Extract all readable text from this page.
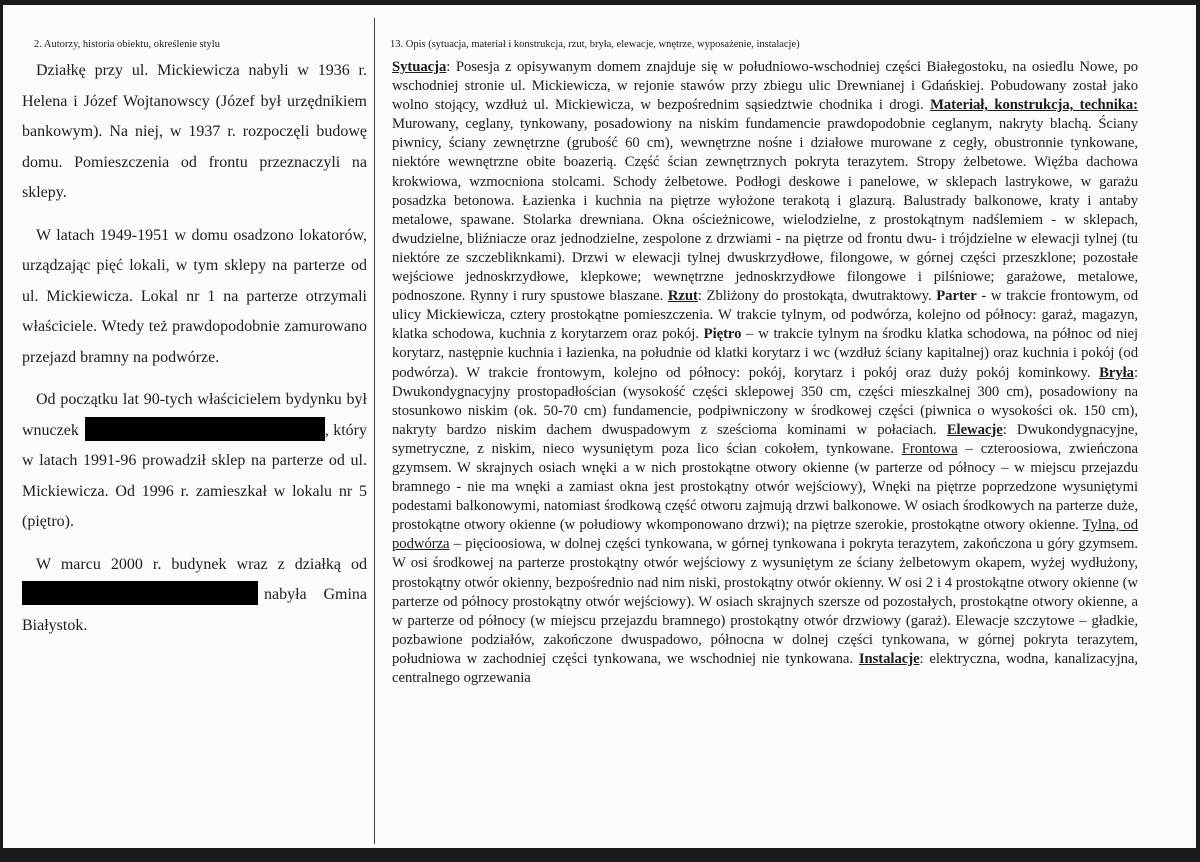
2. Autorzy, historia obiektu, określenie stylu

Działkę przy ul. Mickiewicza nabyli w 1936 r. Helena i Józef Wojtanowscy (Józef był urzędnikiem bankowym). Na niej, w 1937 r. rozpoczęli budowę domu. Pomieszczenia od frontu przeznaczyli na sklepy.

W latach 1949-1951 w domu osadzono lokatorów, urządzając pięć lokali, w tym sklepy na parterze od ul. Mickiewicza. Lokal nr 1 na parterze otrzymali właściciele. Wtedy też prawdopodobnie zamurowano przejazd bramny na podwórze.

Od początku lat 90-tych właścicielem bydynku był wnuczek	, który w latach 1991-96 prowadził sklep na parterze od ul. Mickiewicza. Od 1996 r. zamieszkał w lokalu nr 5 (piętro).

W marcu 2000 r. budynek wraz z działką od nabyła Gmina Białystok.

13. Opis (sytuacja, materiał i konstrukcja, rzut, bryła, elewacje, wnętrze, wyposażenie, instalacje)
Sytuacja: Posesja z opisywanym domem znajduje się w południowo-wschodniej części Białegostoku, na osiedlu Nowe, po wschodniej stronie ul. Mickiewicza, w rejonie stawów przy zbiegu ulic Drewnianej i Gdańskiej. Pobudowany został jako wolno stojący, wzdłuż ul. Mickiewicza, w bezpośrednim sąsiedztwie chodnika i drogi. Materiał, konstrukcja, technika: Murowany, ceglany, tynkowany, posadowiony na niskim fundamencie prawdopodobnie ceglanym, nakryty blachą. Ściany piwnicy, ściany zewnętrzne (grubość 60 cm), wewnętrzne nośne i działowe murowane z cegły, obustronnie tynkowane, niektóre wewnętrzne obite boazerią. Część ścian zewnętrznych pokryta terazytem. Stropy żelbetowe. Więźba dachowa krokwiowa, wzmocniona stolcami. Schody żelbetowe. Podłogi deskowe i panelowe, w sklepach lastrykowe, w garażu posadzka betonowa. Łazienka i kuchnia na piętrze wyłożone terakotą i glazurą. Balustrady balkonowe, kraty i antaby metalowe, spawane. Stolarka drewniana. Okna ościeżnicowe, wielodzielne, z prostokątnym nadślemiem - w sklepach, dwudzielne, bliźniacze oraz jednodzielne, zespolone z drzwiami - na piętrze od frontu dwu- i trójdzielne w elewacji tylnej (tu niektóre ze szczebliknkami). Drzwi w elewacji tylnej dwuskrzydłowe, filongowe, w górnej części przeszklone; pozostałe wejściowe jednoskrzydłowe, klepkowe; wewnętrzne jednoskrzydłowe filongowe i pilśniowe; garażowe, metalowe, podnoszone. Rynny i rury spustowe blaszane. Rzut: Zbliżony do prostokąta, dwutraktowy. Parter - w trakcie frontowym, od ulicy Mickiewicza, cztery prostokątne pomieszczenia. W trakcie tylnym, od podwórza, kolejno od północy: garaż, magazyn, klatka schodowa, kuchnia z korytarzem oraz pokój. Piętro – w trakcie tylnym na środku klatka schodowa, na północ od niej korytarz, następnie kuchnia i łazienka, na południe od klatki korytarz i wc (wzdłuż ściany kapitalnej) oraz kuchnia i pokój (od podwórza). W trakcie frontowym, kolejno od północy: pokój, korytarz i pokój oraz duży pokój kominkowy. Bryła: Dwukondygnacyjny prostopadłościan (wysokość części sklepowej 350 cm, części mieszkalnej 300 cm), posadowiony na stosunkowo niskim (ok. 50-70 cm) fundamencie, podpiwniczony w środkowej części (piwnica o wysokości ok. 150 cm), nakryty bardzo niskim dachem dwuspadowym z sześcioma kominami w połaciach. Elewacje: Dwukondygnacyjne, symetryczne, z niskim, nieco wysuniętym poza lico ścian cokołem, tynkowane. Frontowa – czteroosiowa, zwieńczona gzymsem. W skrajnych osiach wnęki a w nich prostokątne otwory okienne (w parterze od północy – w miejscu przejazdu bramnego - nie ma wnęki a zamiast okna jest prostokątny otwór wejściowy), Wnęki na piętrze poprzedzone wysuniętymi podestami balkonowymi, natomiast środkową część otworu zajmują drzwi balkonowe. W osiach środkowych na parterze duże, prostokątne otwory okienne (w połudiowy wkomponowano drzwi); na piętrze szerokie, prostokątne otwory okienne. Tylna, od podwórza – pięcioosiowa, w dolnej części tynkowana, w górnej tynkowana i pokryta terazytem, zakończona u góry gzymsem. W osi środkowej na parterze prostokątny otwór wejściowy z wysuniętym ze ściany żelbetowym okapem, wyżej wydłużony, prostokątny otwór okienny, bezpośrednio nad nim niski, prostokątny otwór okienny. W osi 2 i 4 prostokątne otwory okienne (w parterze od północy prostokątny otwór wejściowy). W osiach skrajnych szersze od pozostałych, prostokątne otwory okienne, a w parterze od północy (w miejscu przejazdu bramnego) prostokątny otwór drzwiowy (garaż). Elewacje szczytowe – gładkie, pozbawione podziałów, zakończone dwuspadowo, północna w dolnej części tynkowana, w górnej pokryta terazytem, południowa w zachodniej części tynkowana, we wschodniej nie tynkowana. Instalacje: elektryczna, wodna, kanalizacyjna, centralnego ogrzewania
